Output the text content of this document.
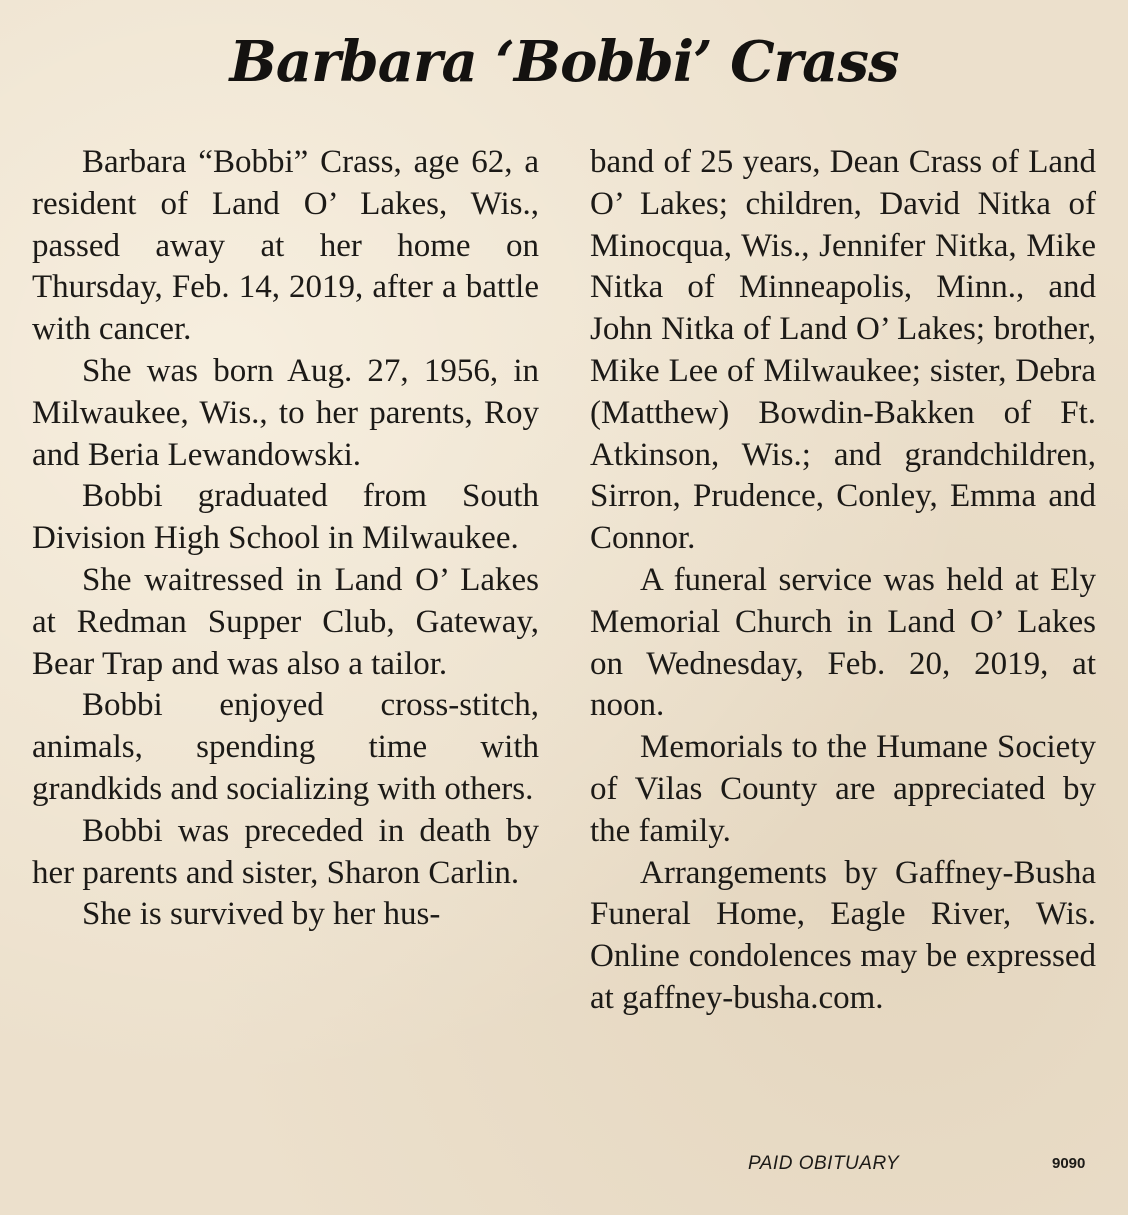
Barbara ‘Bobbi’ Crass

Barbara “Bobbi” Crass, age 62, a resident of Land O’ Lakes, Wis., passed away at her home on Thursday, Feb. 14, 2019, after a battle with cancer.

She was born Aug. 27, 1956, in Milwaukee, Wis., to her parents, Roy and Beria Lewandowski.

Bobbi graduated from South Division High School in Milwaukee.

She waitressed in Land O’ Lakes at Redman Supper Club, Gateway, Bear Trap and was also a tailor.

Bobbi enjoyed cross-stitch, animals, spending time with grandkids and socializing with others.

Bobbi was preceded in death by her parents and sister, Sharon Carlin.

She is survived by her hus-

band of 25 years, Dean Crass of Land O’ Lakes; children, David Nitka of Minocqua, Wis., Jennifer Nitka, Mike Nitka of Minneapolis, Minn., and John Nitka of Land O’ Lakes; brother, Mike Lee of Milwaukee; sister, Debra (Matthew) Bowdin-Bakken of Ft. Atkinson, Wis.; and grandchildren, Sirron, Prudence, Conley, Emma and Connor.

A funeral service was held at Ely Memorial Church in Land O’ Lakes on Wednesday, Feb. 20, 2019, at noon.

Memorials to the Humane Society of Vilas County are appreciated by the family.

Arrangements by Gaffney-Busha Funeral Home, Eagle River, Wis. Online condolences may be expressed at gaffney-busha.com.

PAID OBITUARY	9090
